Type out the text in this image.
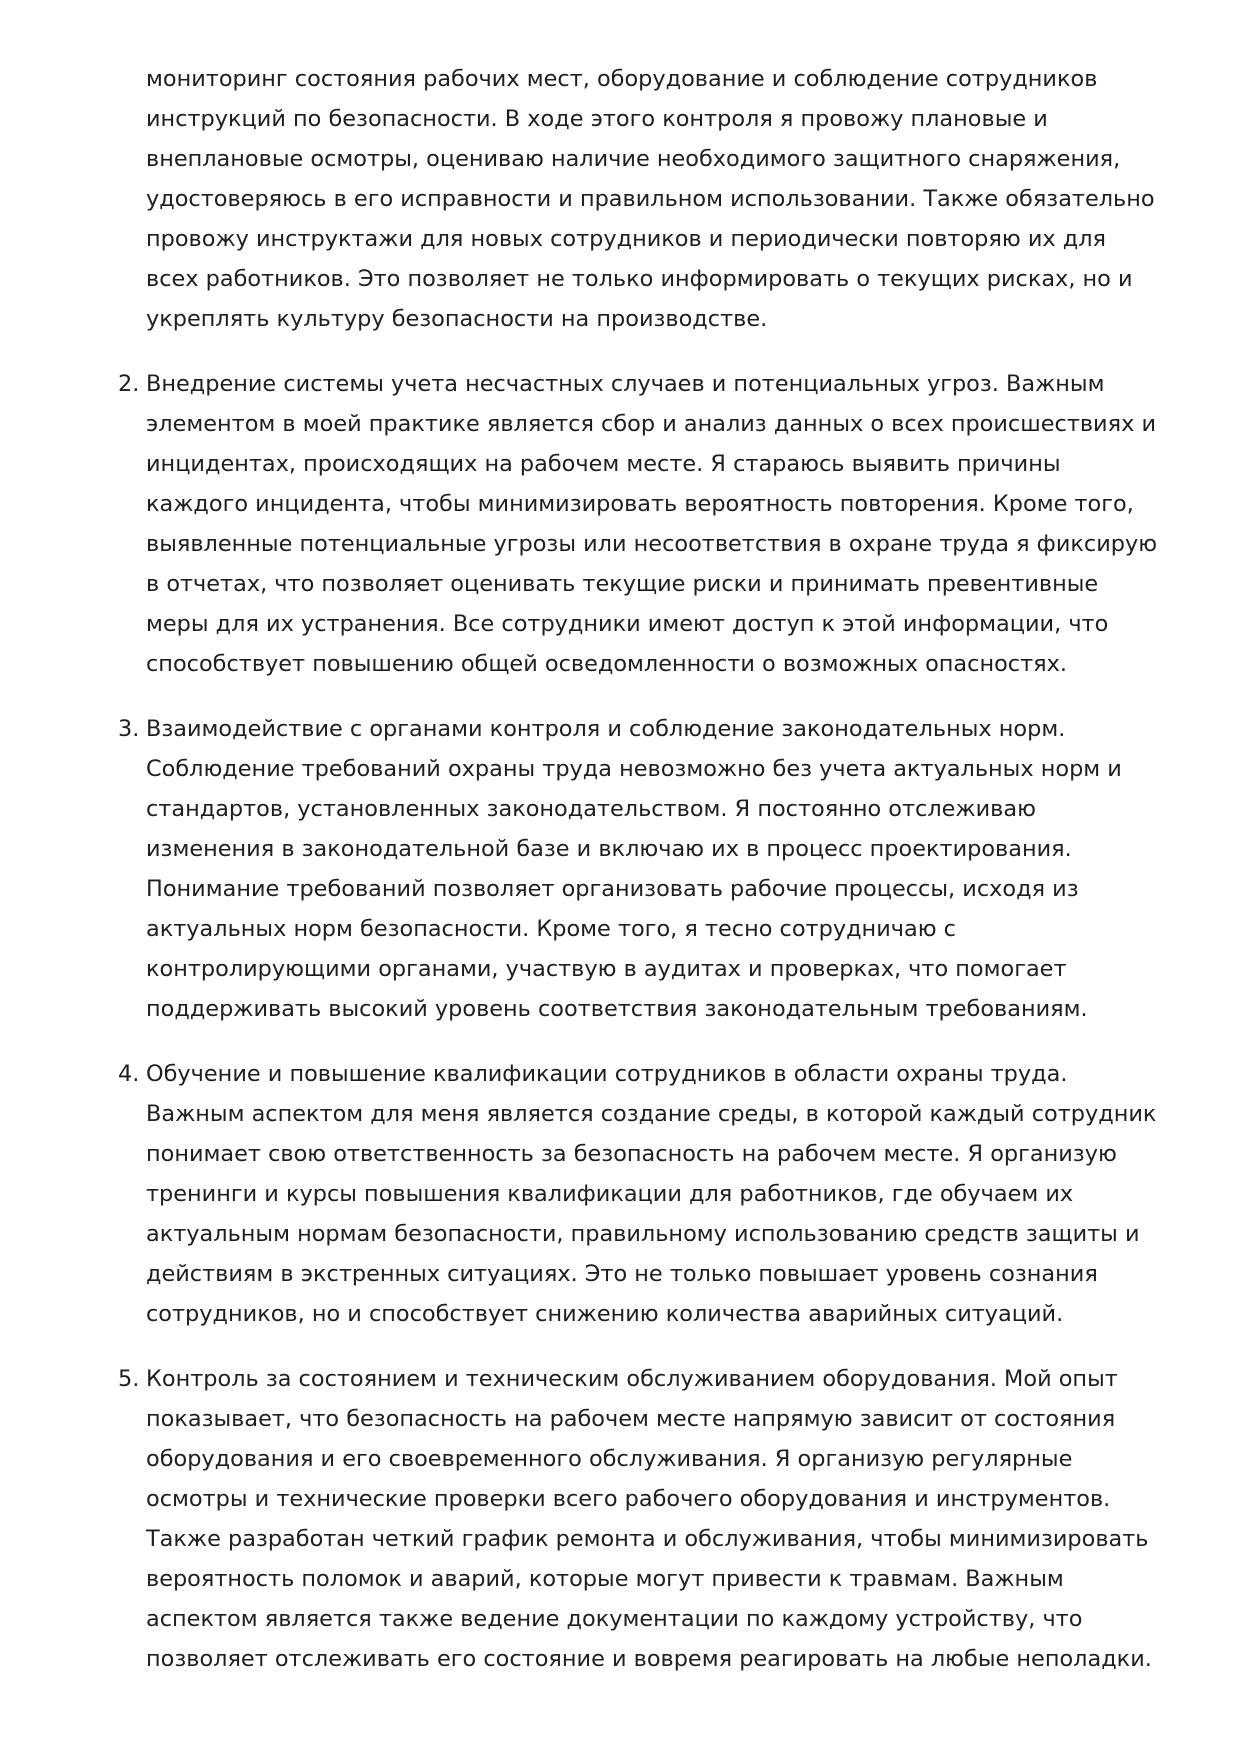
мониторинг состояния рабочих мест, оборудование и соблюдение сотрудников инструкций по безопасности. В ходе этого контроля я провожу плановые и внеплановые осмотры, оцениваю наличие необходимого защитного снаряжения, удостоверяюсь в его исправности и правильном использовании. Также обязательно провожу инструктажи для новых сотрудников и периодически повторяю их для всех работников. Это позволяет не только информировать о текущих рисках, но и укреплять культуру безопасности на производстве.

2. Внедрение системы учета несчастных случаев и потенциальных угроз. Важным элементом в моей практике является сбор и анализ данных о всех происшествиях и инцидентах, происходящих на рабочем месте. Я стараюсь выявить причины каждого инцидента, чтобы минимизировать вероятность повторения. Кроме того, выявленные потенциальные угрозы или несоответствия в охране труда я фиксирую в отчетах, что позволяет оценивать текущие риски и принимать превентивные меры для их устранения. Все сотрудники имеют доступ к этой информации, что способствует повышению общей осведомленности о возможных опасностях.
3. Взаимодействие с органами контроля и соблюдение законодательных норм. Соблюдение требований охраны труда невозможно без учета актуальных норм и стандартов, установленных законодательством. Я постоянно отслеживаю изменения в законодательной базе и включаю их в процесс проектирования. Понимание требований позволяет организовать рабочие процессы, исходя из актуальных норм безопасности. Кроме того, я тесно сотрудничаю с контролирующими органами, участвую в аудитах и проверках, что помогает поддерживать высокий уровень соответствия законодательным требованиям.
4. Обучение и повышение квалификации сотрудников в области охраны труда. Важным аспектом для меня является создание среды, в которой каждый сотрудник понимает свою ответственность за безопасность на рабочем месте. Я организую тренинги и курсы повышения квалификации для работников, где обучаем их актуальным нормам безопасности, правильному использованию средств защиты и действиям в экстренных ситуациях. Это не только повышает уровень сознания сотрудников, но и способствует снижению количества аварийных ситуаций.
5. Контроль за состоянием и техническим обслуживанием оборудования. Мой опыт показывает, что безопасность на рабочем месте напрямую зависит от состояния оборудования и его своевременного обслуживания. Я организую регулярные осмотры и технические проверки всего рабочего оборудования и инструментов. Также разработан четкий график ремонта и обслуживания, чтобы минимизировать вероятность поломок и аварий, которые могут привести к травмам. Важным аспектом является также ведение документации по каждому устройству, что позволяет отслеживать его состояние и вовремя реагировать на любые неполадки.
